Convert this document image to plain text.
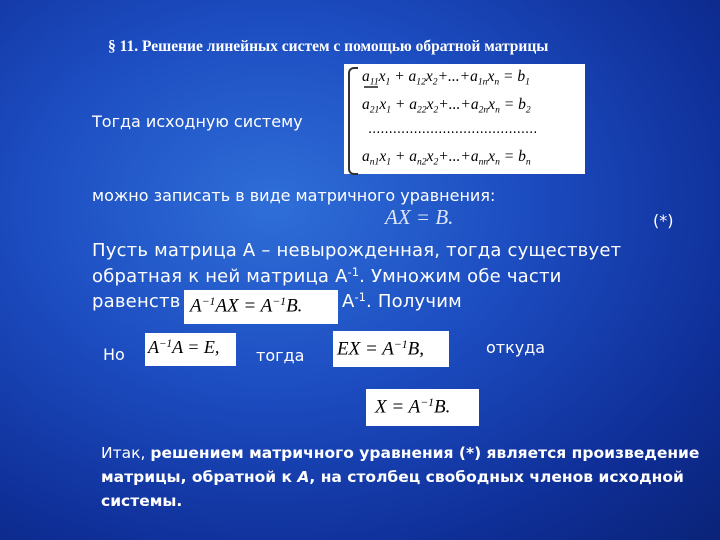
§ 11. Решение линейных систем с помощью обратной матрицы
Тогда исходную систему
$a_{11}x_1 + a_{12}x_2+...+a_{1n}x_n = b_1$
$a_{21}x_1 + a_{22}x_2+...+a_{2n}x_n = b_2$
.........................................
$a_{n1}x_1 + a_{n2}x_2+...+a_{nn}x_n = b_n$
можно записать в виде матричного уравнения:
AX = B.	(*)
Пусть матрица A – невырожденная, тогда существует
обратная к ней матрица $A^{-1}$. Умножим обе части
равенств	$A^{-1}$. Получим
$A^{-1}AX = A^{-1}B$.
Но $A^{-1}A = E$, тогда EX = $A^{-1}B$,	откуда
$X = A^{-1}B$.
Итак, решением матричного уравнения (*) является произведение матрицы, обратной к A, на столбец свободных членов исходной системы.
